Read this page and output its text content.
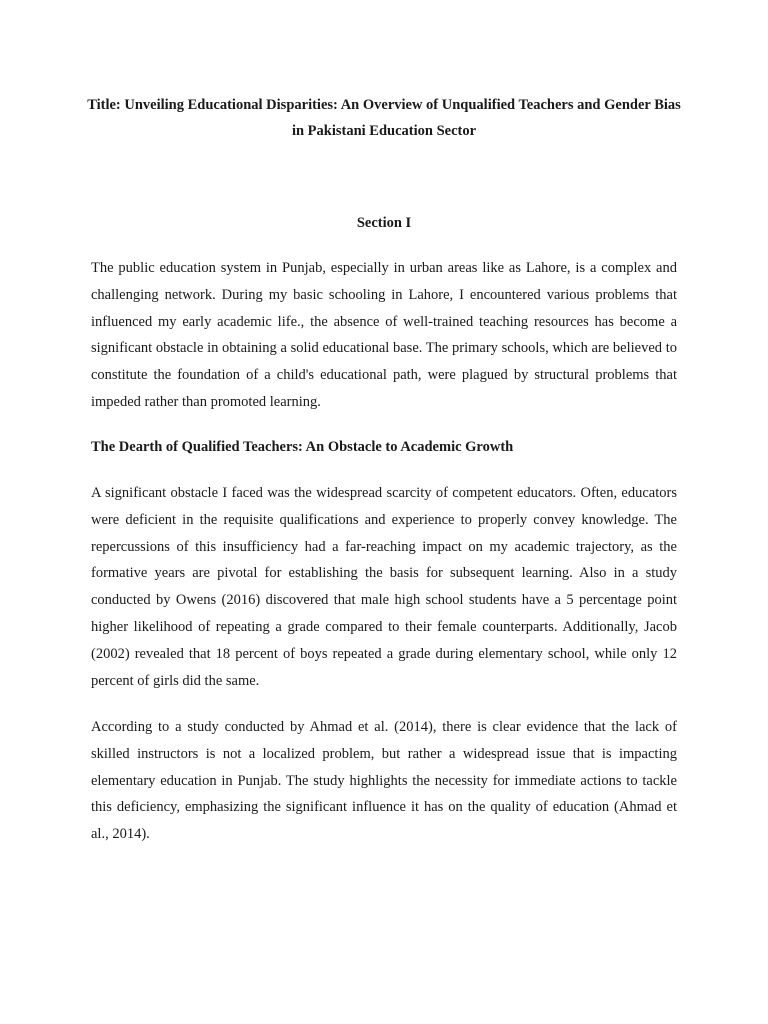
Title: Unveiling Educational Disparities: An Overview of Unqualified Teachers and Gender Bias in Pakistani Education Sector
Section I

The public education system in Punjab, especially in urban areas like as Lahore, is a complex and challenging network. During my basic schooling in Lahore, I encountered various problems that influenced my early academic life., the absence of well-trained teaching resources has become a significant obstacle in obtaining a solid educational base. The primary schools, which are believed to constitute the foundation of a child's educational path, were plagued by structural problems that impeded rather than promoted learning.

The Dearth of Qualified Teachers: An Obstacle to Academic Growth

A significant obstacle I faced was the widespread scarcity of competent educators. Often, educators were deficient in the requisite qualifications and experience to properly convey knowledge. The repercussions of this insufficiency had a far-reaching impact on my academic trajectory, as the formative years are pivotal for establishing the basis for subsequent learning. Also in a study conducted by Owens (2016) discovered that male high school students have a 5 percentage point higher likelihood of repeating a grade compared to their female counterparts. Additionally, Jacob (2002) revealed that 18 percent of boys repeated a grade during elementary school, while only 12 percent of girls did the same.

According to a study conducted by Ahmad et al. (2014), there is clear evidence that the lack of skilled instructors is not a localized problem, but rather a widespread issue that is impacting elementary education in Punjab. The study highlights the necessity for immediate actions to tackle this deficiency, emphasizing the significant influence it has on the quality of education (Ahmad et al., 2014).
